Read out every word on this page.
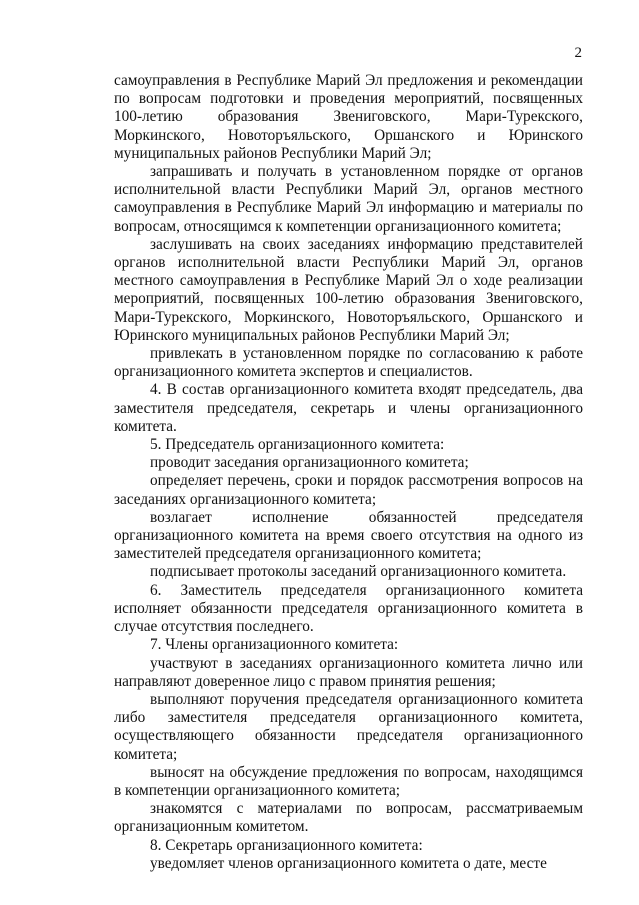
2

самоуправления в Республике Марий Эл предложения и рекомендации по вопросам подготовки и проведения мероприятий, посвященных 100-летию образования Звениговского, Мари-Турекского, Моркинского, Новоторъяльского, Оршанского и Юринского муниципальных районов Республики Марий Эл;

запрашивать и получать в установленном порядке от органов исполнительной власти Республики Марий Эл, органов местного самоуправления в Республике Марий Эл информацию и материалы по вопросам, относящимся к компетенции организационного комитета;

заслушивать на своих заседаниях информацию представителей органов исполнительной власти Республики Марий Эл, органов местного самоуправления в Республике Марий Эл о ходе реализации мероприятий, посвященных 100-летию образования Звениговского, Мари-Турекского, Моркинского, Новоторъяльского, Оршанского и Юринского муниципальных районов Республики Марий Эл;

привлекать в установленном порядке по согласованию к работе организационного комитета экспертов и специалистов.

4. В состав организационного комитета входят председатель, два заместителя председателя, секретарь и члены организационного комитета.

5. Председатель организационного комитета:

проводит заседания организационного комитета;

определяет перечень, сроки и порядок рассмотрения вопросов на заседаниях организационного комитета;

возлагает исполнение обязанностей председателя организационного комитета на время своего отсутствия на одного из заместителей председателя организационного комитета;

подписывает протоколы заседаний организационного комитета.

6. Заместитель председателя организационного комитета исполняет обязанности председателя организационного комитета в случае отсутствия последнего.

7. Члены организационного комитета:

участвуют в заседаниях организационного комитета лично или направляют доверенное лицо с правом принятия решения;

выполняют поручения председателя организационного комитета либо заместителя председателя организационного комитета, осуществляющего обязанности председателя организационного комитета;

выносят на обсуждение предложения по вопросам, находящимся в компетенции организационного комитета;

знакомятся с материалами по вопросам, рассматриваемым организационным комитетом.

8. Секретарь организационного комитета:

уведомляет членов организационного комитета о дате, месте
